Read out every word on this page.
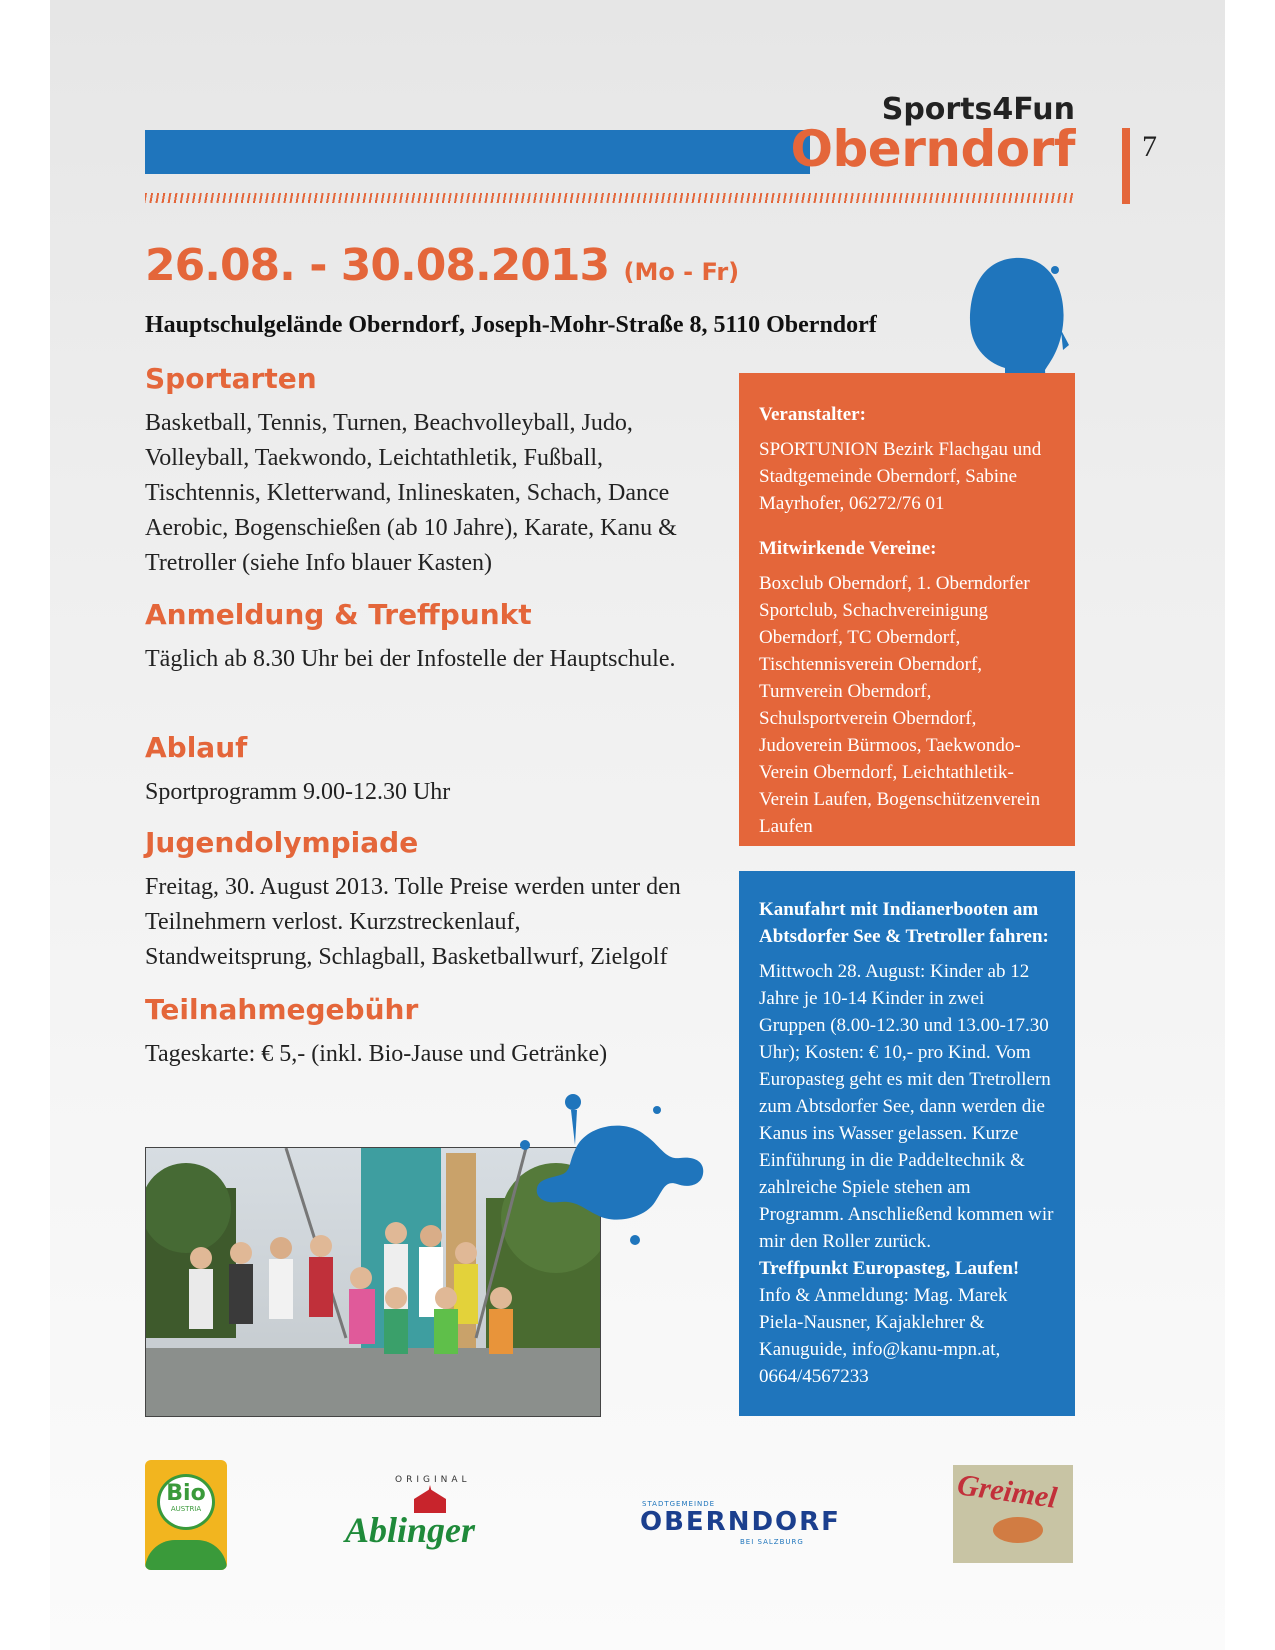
Sports4Fun
Oberndorf 7
26.08. - 30.08.2013 (Mo - Fr)
Hauptschulgelände Oberndorf, Joseph-Mohr-Straße 8, 5110 Oberndorf
Sportarten
Basketball, Tennis, Turnen, Beachvolleyball, Judo, Volleyball, Taekwondo, Leichtathletik, Fußball, Tischtennis, Kletterwand, Inlineskaten, Schach, Dance Aerobic, Bogenschießen (ab 10 Jahre), Karate, Kanu & Tretroller (siehe Info blauer Kasten)
Anmeldung & Treffpunkt
Täglich ab 8.30 Uhr bei der Infostelle der Hauptschule.
Ablauf
Sportprogramm 9.00-12.30 Uhr
Jugendolympiade
Freitag, 30. August 2013. Tolle Preise werden unter den Teilnehmern verlost. Kurzstreckenlauf, Standweitsprung, Schlagball, Basketballwurf, Zielgolf
Teilnahmegebühr
Tageskarte: € 5,- (inkl. Bio-Jause und Getränke)
Veranstalter:
SPORTUNION Bezirk Flachgau und Stadtgemeinde Oberndorf, Sabine Mayrhofer, 06272/76 01
Mitwirkende Vereine:
Boxclub Oberndorf, 1. Oberndorfer Sportclub, Schachvereinigung Oberndorf, TC Oberndorf, Tischtennisverein Oberndorf, Turnverein Oberndorf, Schulsportverein Oberndorf, Judoverein Bürmoos, Taekwondo-Verein Oberndorf, Leichtathletik-Verein Laufen, Bogenschützenverein Laufen
Kanufahrt mit Indianerbooten am Abtsdorfer See & Tretroller fahren:
Mittwoch 28. August: Kinder ab 12 Jahre je 10-14 Kinder in zwei Gruppen (8.00-12.30 und 13.00-17.30 Uhr); Kosten: € 10,- pro Kind. Vom Europasteg geht es mit den Tretrollern zum Abtsdorfer See, dann werden die Kanus ins Wasser gelassen. Kurze Einführung in die Paddeltechnik & zahlreiche Spiele stehen am Programm. Anschließend kommen wir mir den Roller zurück.
Treffpunkt Europasteg, Laufen!
Info & Anmeldung: Mag. Marek Piela-Nausner, Kajaklehrer & Kanuguide, info@kanu-mpn.at, 0664/4567233
Bio
AUSTRIA
ORIGINAL
Ablinger
STADTGEMEINDE
OBERNDORF
BEI SALZBURG
Greimel
